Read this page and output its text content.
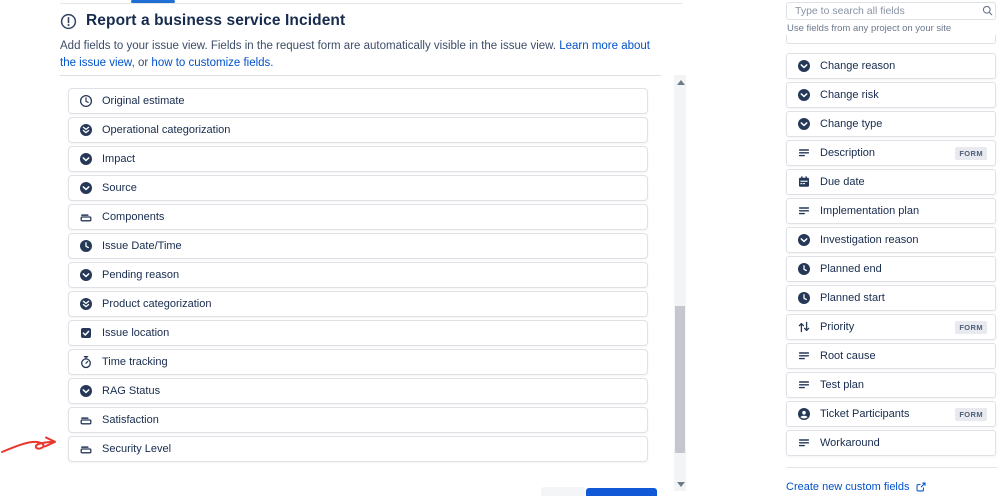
Report a business service Incident
Add fields to your issue view. Fields in the request form are automatically visible in the issue view. Learn more about the issue view, or how to customize fields.
Original estimate
Operational categorization
Impact
Source
Components
Issue Date/Time
Pending reason
Product categorization
Issue location
Time tracking
RAG Status
Satisfaction
Security Level
Type to search all fields
Use fields from any project on your site
Change reason
Change risk
Change type
Description	FORM
Due date
Implementation plan
Investigation reason
Planned end
Planned start
Priority	FORM
Root cause
Test plan
Ticket Participants	FORM
Workaround
Create new custom fields
